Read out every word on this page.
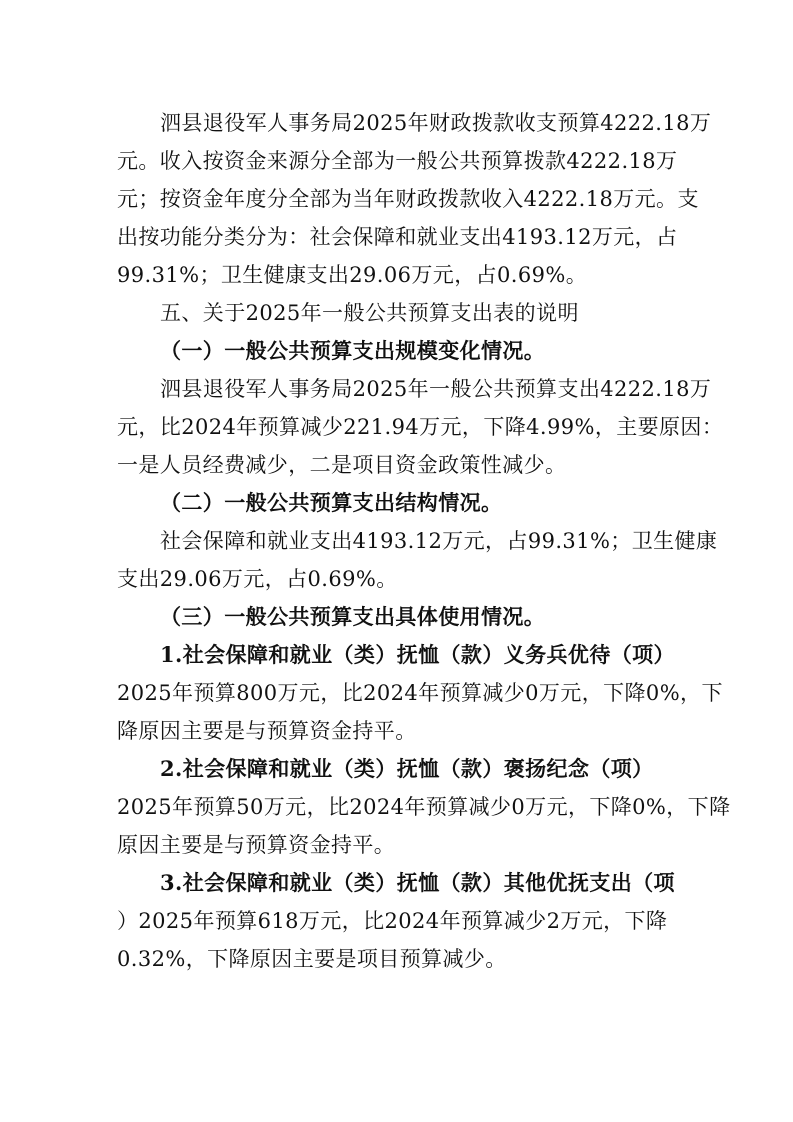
泗县退役军人事务局2025年财政拨款收支预算4222.18万
元。收入按资金来源分全部为一般公共预算拨款4222.18万
元；按资金年度分全部为当年财政拨款收入4222.18万元。支
出按功能分类分为：社会保障和就业支出4193.12万元，占
99.31%；卫生健康支出29.06万元，占0.69%。
五、关于2025年一般公共预算支出表的说明
（一）一般公共预算支出规模变化情况。
泗县退役军人事务局2025年一般公共预算支出4222.18万
元，比2024年预算减少221.94万元，下降4.99%，主要原因：
一是人员经费减少，二是项目资金政策性减少。
（二）一般公共预算支出结构情况。
社会保障和就业支出4193.12万元，占99.31%；卫生健康
支出29.06万元，占0.69%。
（三）一般公共预算支出具体使用情况。
1.社会保障和就业（类）抚恤（款）义务兵优待（项）
2025年预算800万元，比2024年预算减少0万元，下降0%，下
降原因主要是与预算资金持平。
2.社会保障和就业（类）抚恤（款）褒扬纪念（项）
2025年预算50万元，比2024年预算减少0万元，下降0%，下降
原因主要是与预算资金持平。
3.社会保障和就业（类）抚恤（款）其他优抚支出（项
）2025年预算618万元，比2024年预算减少2万元，下降
0.32%，下降原因主要是项目预算减少。
